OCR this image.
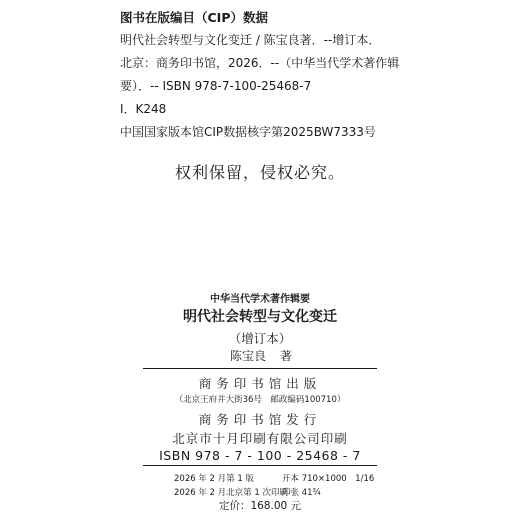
图书在版编目（CIP）数据
明代社会转型与文化变迁 / 陈宝良著．--增订本．
北京：商务印书馆，2026．--（中华当代学术著作辑
要）．-- ISBN 978-7-100-25468-7
Ⅰ．K248
中国国家版本馆CIP数据核字第2025BW7333号
权利保留，侵权必究。
中华当代学术著作辑要
明代社会转型与文化变迁
（增订本）
陈宝良 著
商务印书馆出版
（北京王府井大街36号　邮政编码100710）
商务印书馆发行
北京市十月印刷有限公司印刷
ISBN 978 - 7 - 100 - 25468 - 7
2026 年 2 月第 1 版	开本 710×1000　1/16
2026 年 2 月北京第 1 次印刷
印张 41¾
定价：168.00 元
